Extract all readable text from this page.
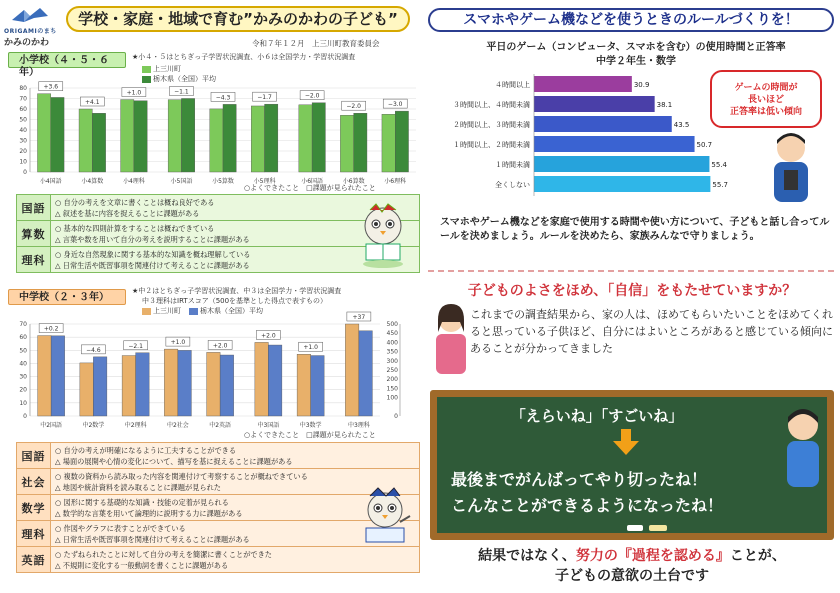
ORIGAMIのまち
かみのかわ
学校・家庭・地域で育む”かみのかわの子ども”
令和７年１２月　上三川町教育委員会
小学校（４・５・６年）
★小４・５はとちぎっ子学習状況調査、小６は全国学力・学習状況調査
上三川町
栃木県（全国）平均
0
10
20
30
40
50
60
70
80
小4国語
+3.6
小4算数
+4.1
小4理科
+1.0
小5国語
−1.1
小5算数
−4.3
小5理科
−1.7
小6国語
−2.0
小6算数
−2.0
小6理科
−3.0
○よくできたこと　□課題が見られたこと
国語	○ 自分の考えを文章に書くことは概ね良好である
△ 叙述を基に内容を捉えることに課題がある

算数	○ 基本的な四則計算をすることは概ねできている
△ 言葉や数を用いて自分の考えを説明することに課題がある

理科	○ 身近な自然現象に関する基本的な知識を概ね理解している
△ 日常生活や既習事項を関連付けて考えることに課題がある
中学校（２・３年）
★中２はとちぎっ子学習状況調査、中３は全国学力・学習状況調査
中３理科はIRTスコア（500を基準とした得点で表すもの）
上三川町	栃木県（全国）平均
0
10
20
30
40
50
60
70
中2国語
+0.2
中2数学
−4.6
中2理科
−2.1
中2社会
+1.0
中2英語
+2.0
中3国語
+2.0
中3数学
+1.0
中3理科
+37
0
100
150
200
250
300
350
400
450
500
○よくできたこと　□課題が見られたこと
国語	○ 自分の考えが明確になるように工夫することができる
△ 場面の展開や心情の変化について、描写を基に捉えることに課題がある

社会	○ 複数の資料から読み取った内容を関連付けて考察することが概ねできている
△ 地図や統計資料を読み取ることに課題が見られた

数学	○ 図形に関する基礎的な知識・技能の定着が見られる
△ 数学的な言葉を用いて論理的に説明する力に課題がある

理科	○ 作図やグラフに表すことができている
△ 日常生活や既習事項を関連付けて考えることに課題がある

英語	○ たずねられたことに対して自分の考えを簡潔に書くことができた
△ 不規則に変化する一般動詞を書くことに課題がある
スマホやゲーム機などを使うときのルールづくりを！
平日のゲーム（コンピュータ、スマホを含む）の使用時間と正答率
中学２年生・数学
４時間以上	30.9
３時間以上、４時間未満	38.1
２時間以上、３時間未満	43.5
１時間以上、２時間未満	50.7
１時間未満	55.4
全くしない	55.7
ゲームの時間が
長いほど
正答率は低い傾向
スマホやゲーム機などを家庭で使用する時間や使い方について、子どもと話し合ってルールを決めましょう。ルールを決めたら、家族みんなで守りましょう。
子どものよさをほめ、「自信」をもたせていますか？
これまでの調査結果から、家の人は、ほめてもらいたいことをほめてくれると思っている子供ほど、自分にはよいところがあると感じている傾向にあることが分かってきました
「えらいね」「すごいね」
最後までがんばってやり切ったね！
こんなことができるようになったね！
結果ではなく、努力の『過程を認める』ことが、
子どもの意欲の土台です
